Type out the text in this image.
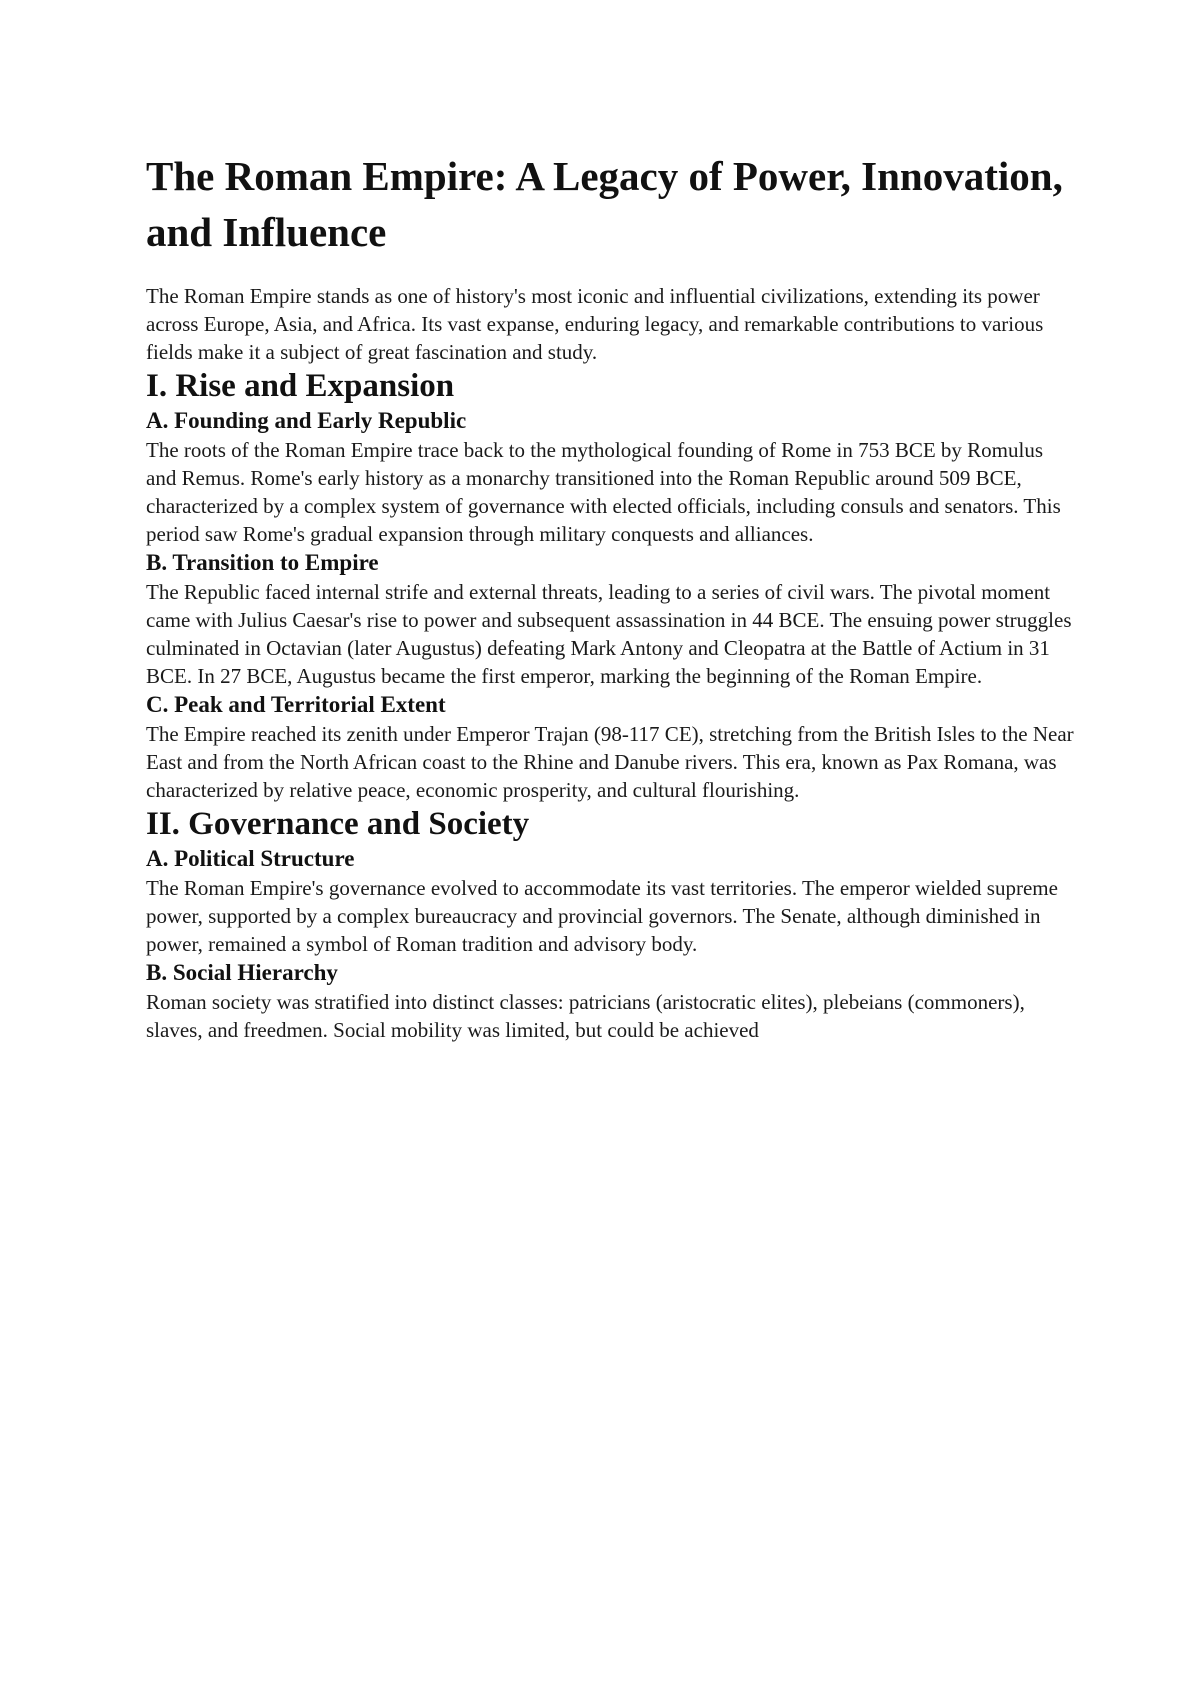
The Roman Empire: A Legacy of Power, Innovation, and Influence

The Roman Empire stands as one of history's most iconic and influential civilizations, extending its power across Europe, Asia, and Africa. Its vast expanse, enduring legacy, and remarkable contributions to various fields make it a subject of great fascination and study.

I. Rise and Expansion
A. Founding and Early Republic

The roots of the Roman Empire trace back to the mythological founding of Rome in 753 BCE by Romulus and Remus. Rome's early history as a monarchy transitioned into the Roman Republic around 509 BCE, characterized by a complex system of governance with elected officials, including consuls and senators. This period saw Rome's gradual expansion through military conquests and alliances.

B. Transition to Empire

The Republic faced internal strife and external threats, leading to a series of civil wars. The pivotal moment came with Julius Caesar's rise to power and subsequent assassination in 44 BCE. The ensuing power struggles culminated in Octavian (later Augustus) defeating Mark Antony and Cleopatra at the Battle of Actium in 31 BCE. In 27 BCE, Augustus became the first emperor, marking the beginning of the Roman Empire.

C. Peak and Territorial Extent

The Empire reached its zenith under Emperor Trajan (98-117 CE), stretching from the British Isles to the Near East and from the North African coast to the Rhine and Danube rivers. This era, known as Pax Romana, was characterized by relative peace, economic prosperity, and cultural flourishing.

II. Governance and Society
A. Political Structure

The Roman Empire's governance evolved to accommodate its vast territories. The emperor wielded supreme power, supported by a complex bureaucracy and provincial governors. The Senate, although diminished in power, remained a symbol of Roman tradition and advisory body.

B. Social Hierarchy

Roman society was stratified into distinct classes: patricians (aristocratic elites), plebeians (commoners), slaves, and freedmen. Social mobility was limited, but could be achieved
